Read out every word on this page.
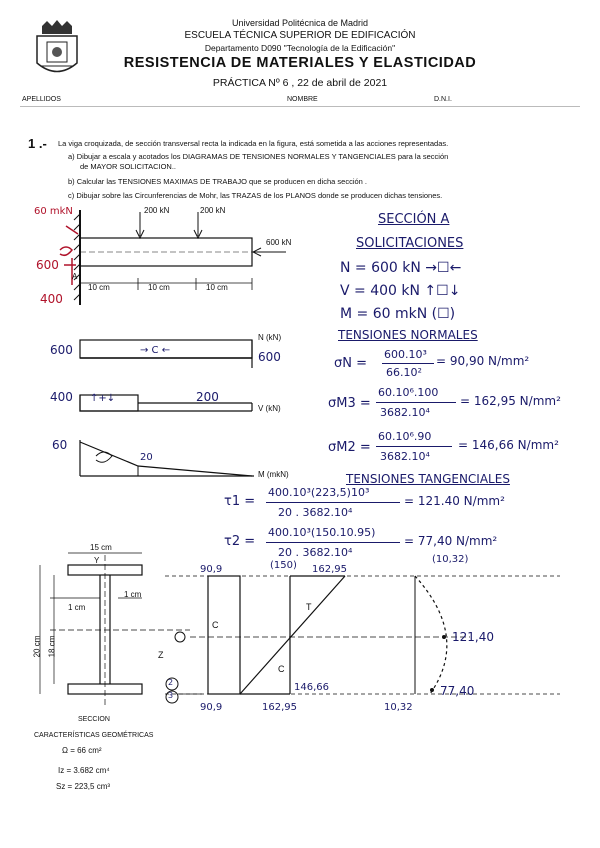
Universidad Politécnica de Madrid
ESCUELA TÉCNICA SUPERIOR DE EDIFICACIÓN
Departamento D090 "Tecnología de la Edificación"
RESISTENCIA DE MATERIALES Y ELASTICIDAD
PRÁCTICA Nº 6 , 22 de abril de 2021
APELLIDOS	NOMBRE	D.N.I.
1 .- La viga croquizada, de sección transversal recta la indicada en la figura, está sometida a las acciones representadas.
a) Dibujar a escala y acotados los DIAGRAMAS DE TENSIONES NORMALES Y TANGENCIALES para la sección
de MAYOR SOLICITACION..
b) Calcular las TENSIONES MAXIMAS DE TRABAJO que se producen en dicha sección .
c) Dibujar sobre las Circunferencias de Mohr, las TRAZAS de los PLANOS donde se producen dichas tensiones.
200 kN	200 kN
600 kN
10 cm	10 cm	10 cm
A
60 mkN
600
400
N (kN)
600	600
→ C ←
V (kN)
400	200
↑+↓
M (mkN)
60
20
SECCIÓN A
SOLICITACIONES
N = 600 kN →☐←
V = 400 kN ↑☐↓
M = 60 mkN (☐)
TENSIONES NORMALES
σN =
600.10³
66.10²
= 90,90 N/mm²
σM3 =
60.10⁶.100
3682.10⁴
= 162,95 N/mm²
σM2 =
60.10⁶.90
3682.10⁴
= 146,66 N/mm²
TENSIONES TANGENCIALES
τ1 =
400.10³(223,5)10³
20 . 3682.10⁴
= 121.40 N/mm²
τ2 =
400.10³(150.10.95)
20 . 3682.10⁴
(150)
= 77,40 N/mm²
(10,32)
15 cm
Y
1 cm
1 cm
20 cm 18 cm	Z
SECCION
CARACTERÍSTICAS GEOMÉTRICAS
Ω = 66 cm²
Iz = 3.682 cm⁴
Sz = 223,5 cm³
90,9	162,95
C
T
C
90,9	162,95
146,66
10,32
121,40
77,40
2
3
